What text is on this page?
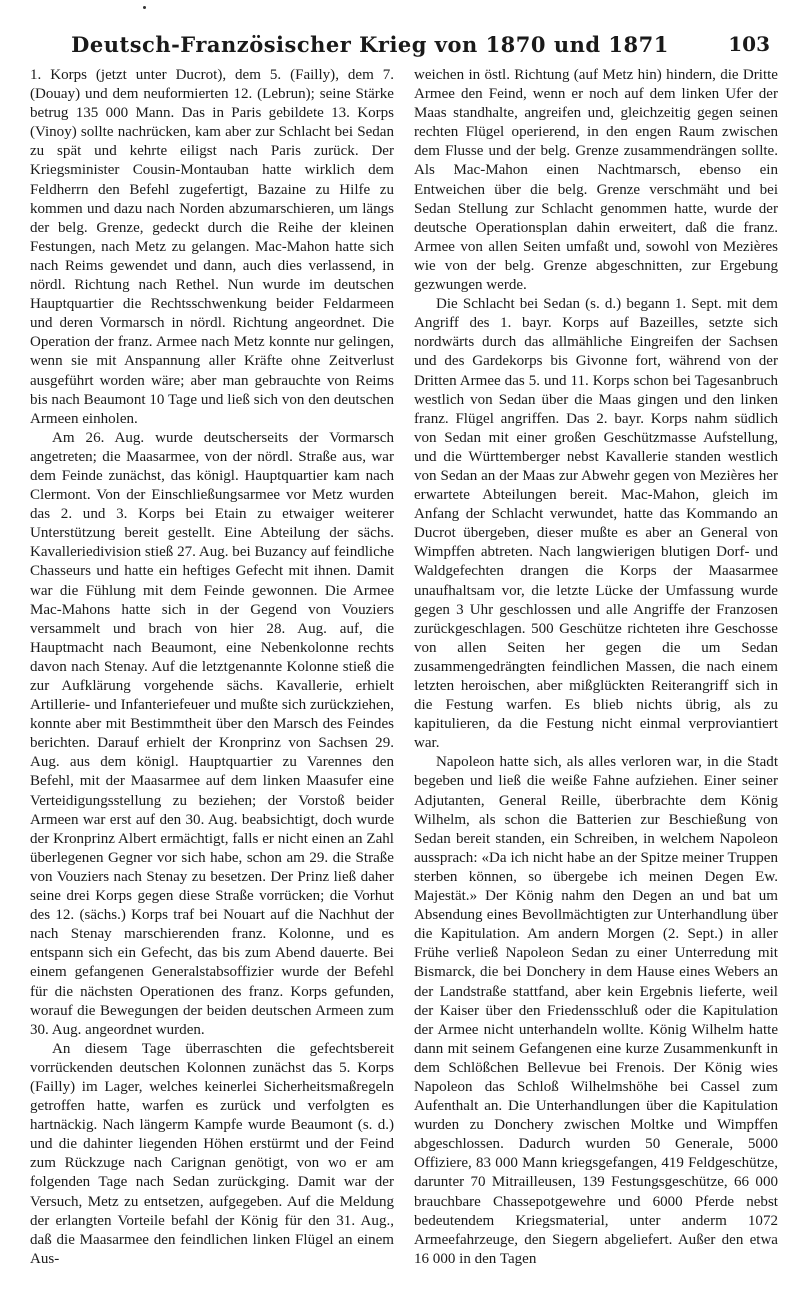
Deutsch-Französischer Krieg von 1870 und 1871	103

1. Korps (jetzt unter Ducrot), dem 5. (Failly), dem 7. (Douay) und dem neuformierten 12. (Lebrun); seine Stärke betrug 135 000 Mann. Das in Paris gebildete 13. Korps (Vinoy) sollte nachrücken, kam aber zur Schlacht bei Sedan zu spät und kehrte eiligst nach Paris zurück. Der Kriegsminister Cousin-Montauban hatte wirklich dem Feldherrn den Befehl zugefertigt, Bazaine zu Hilfe zu kommen und dazu nach Norden abzumarschieren, um längs der belg. Grenze, gedeckt durch die Reihe der kleinen Festungen, nach Metz zu gelangen. Mac-Mahon hatte sich nach Reims gewendet und dann, auch dies verlassend, in nördl. Richtung nach Rethel. Nun wurde im deutschen Hauptquartier die Rechtsschwenkung beider Feldarmeen und deren Vormarsch in nördl. Richtung angeordnet. Die Operation der franz. Armee nach Metz konnte nur gelingen, wenn sie mit Anspannung aller Kräfte ohne Zeitverlust ausgeführt worden wäre; aber man gebrauchte von Reims bis nach Beaumont 10 Tage und ließ sich von den deutschen Armeen einholen.

Am 26. Aug. wurde deutscherseits der Vormarsch angetreten; die Maasarmee, von der nördl. Straße aus, war dem Feinde zunächst, das königl. Hauptquartier kam nach Clermont. Von der Einschließungsarmee vor Metz wurden das 2. und 3. Korps bei Etain zu etwaiger weiterer Unterstützung bereit gestellt. Eine Abteilung der sächs. Kavalleriedivision stieß 27. Aug. bei Buzancy auf feindliche Chasseurs und hatte ein heftiges Gefecht mit ihnen. Damit war die Fühlung mit dem Feinde gewonnen. Die Armee Mac-Mahons hatte sich in der Gegend von Vouziers versammelt und brach von hier 28. Aug. auf, die Hauptmacht nach Beaumont, eine Nebenkolonne rechts davon nach Stenay. Auf die letztgenannte Kolonne stieß die zur Aufklärung vorgehende sächs. Kavallerie, erhielt Artillerie- und Infanteriefeuer und mußte sich zurückziehen, konnte aber mit Bestimmtheit über den Marsch des Feindes berichten. Darauf erhielt der Kronprinz von Sachsen 29. Aug. aus dem königl. Hauptquartier zu Varennes den Befehl, mit der Maasarmee auf dem linken Maasufer eine Verteidigungsstellung zu beziehen; der Vorstoß beider Armeen war erst auf den 30. Aug. beabsichtigt, doch wurde der Kronprinz Albert ermächtigt, falls er nicht einen an Zahl überlegenen Gegner vor sich habe, schon am 29. die Straße von Vouziers nach Stenay zu besetzen. Der Prinz ließ daher seine drei Korps gegen diese Straße vorrücken; die Vorhut des 12. (sächs.) Korps traf bei Nouart auf die Nachhut der nach Stenay marschierenden franz. Kolonne, und es entspann sich ein Gefecht, das bis zum Abend dauerte. Bei einem gefangenen Generalstabsoffizier wurde der Befehl für die nächsten Operationen des franz. Korps gefunden, worauf die Bewegungen der beiden deutschen Armeen zum 30. Aug. angeordnet wurden.

An diesem Tage überraschten die gefechtsbereit vorrückenden deutschen Kolonnen zunächst das 5. Korps (Failly) im Lager, welches keinerlei Sicherheitsmaßregeln getroffen hatte, warfen es zurück und verfolgten es hartnäckig. Nach längerm Kampfe wurde Beaumont (s. d.) und die dahinter liegenden Höhen erstürmt und der Feind zum Rückzuge nach Carignan genötigt, von wo er am folgenden Tage nach Sedan zurückging. Damit war der Versuch, Metz zu entsetzen, aufgegeben. Auf die Meldung der erlangten Vorteile befahl der König für den 31. Aug., daß die Maasarmee den feindlichen linken Flügel an einem Aus-

weichen in östl. Richtung (auf Metz hin) hindern, die Dritte Armee den Feind, wenn er noch auf dem linken Ufer der Maas standhalte, angreifen und, gleichzeitig gegen seinen rechten Flügel operierend, in den engen Raum zwischen dem Flusse und der belg. Grenze zusammendrängen sollte. Als Mac-Mahon einen Nachtmarsch, ebenso ein Entweichen über die belg. Grenze verschmäht und bei Sedan Stellung zur Schlacht genommen hatte, wurde der deutsche Operationsplan dahin erweitert, daß die franz. Armee von allen Seiten umfaßt und, sowohl von Mezières wie von der belg. Grenze abgeschnitten, zur Ergebung gezwungen werde.

Die Schlacht bei Sedan (s. d.) begann 1. Sept. mit dem Angriff des 1. bayr. Korps auf Bazeilles, setzte sich nordwärts durch das allmähliche Eingreifen der Sachsen und des Gardekorps bis Givonne fort, während von der Dritten Armee das 5. und 11. Korps schon bei Tagesanbruch westlich von Sedan über die Maas gingen und den linken franz. Flügel angriffen. Das 2. bayr. Korps nahm südlich von Sedan mit einer großen Geschützmasse Aufstellung, und die Württemberger nebst Kavallerie standen westlich von Sedan an der Maas zur Abwehr gegen von Mezières her erwartete Abteilungen bereit. Mac-Mahon, gleich im Anfang der Schlacht verwundet, hatte das Kommando an Ducrot übergeben, dieser mußte es aber an General von Wimpffen abtreten. Nach langwierigen blutigen Dorf- und Waldgefechten drangen die Korps der Maasarmee unaufhaltsam vor, die letzte Lücke der Umfassung wurde gegen 3 Uhr geschlossen und alle Angriffe der Franzosen zurückgeschlagen. 500 Geschütze richteten ihre Geschosse von allen Seiten her gegen die um Sedan zusammengedrängten feindlichen Massen, die nach einem letzten heroischen, aber mißglückten Reiterangriff sich in die Festung warfen. Es blieb nichts übrig, als zu kapitulieren, da die Festung nicht einmal verproviantiert war.

Napoleon hatte sich, als alles verloren war, in die Stadt begeben und ließ die weiße Fahne aufziehen. Einer seiner Adjutanten, General Reille, überbrachte dem König Wilhelm, als schon die Batterien zur Beschießung von Sedan bereit standen, ein Schreiben, in welchem Napoleon aussprach: «Da ich nicht habe an der Spitze meiner Truppen sterben können, so übergebe ich meinen Degen Ew. Majestät.» Der König nahm den Degen an und bat um Absendung eines Bevollmächtigten zur Unterhandlung über die Kapitulation. Am andern Morgen (2. Sept.) in aller Frühe verließ Napoleon Sedan zu einer Unterredung mit Bismarck, die bei Donchery in dem Hause eines Webers an der Landstraße stattfand, aber kein Ergebnis lieferte, weil der Kaiser über den Friedensschluß oder die Kapitulation der Armee nicht unterhandeln wollte. König Wilhelm hatte dann mit seinem Gefangenen eine kurze Zusammenkunft in dem Schlößchen Bellevue bei Frenois. Der König wies Napoleon das Schloß Wilhelmshöhe bei Cassel zum Aufenthalt an. Die Unterhandlungen über die Kapitulation wurden zu Donchery zwischen Moltke und Wimpffen abgeschlossen. Dadurch wurden 50 Generale, 5000 Offiziere, 83 000 Mann kriegsgefangen, 419 Feldgeschütze, darunter 70 Mitrailleusen, 139 Festungsgeschütze, 66 000 brauchbare Chassepotgewehre und 6000 Pferde nebst bedeutendem Kriegsmaterial, unter anderm 1072 Armeefahrzeuge, den Siegern abgeliefert. Außer den etwa 16 000 in den Tagen
